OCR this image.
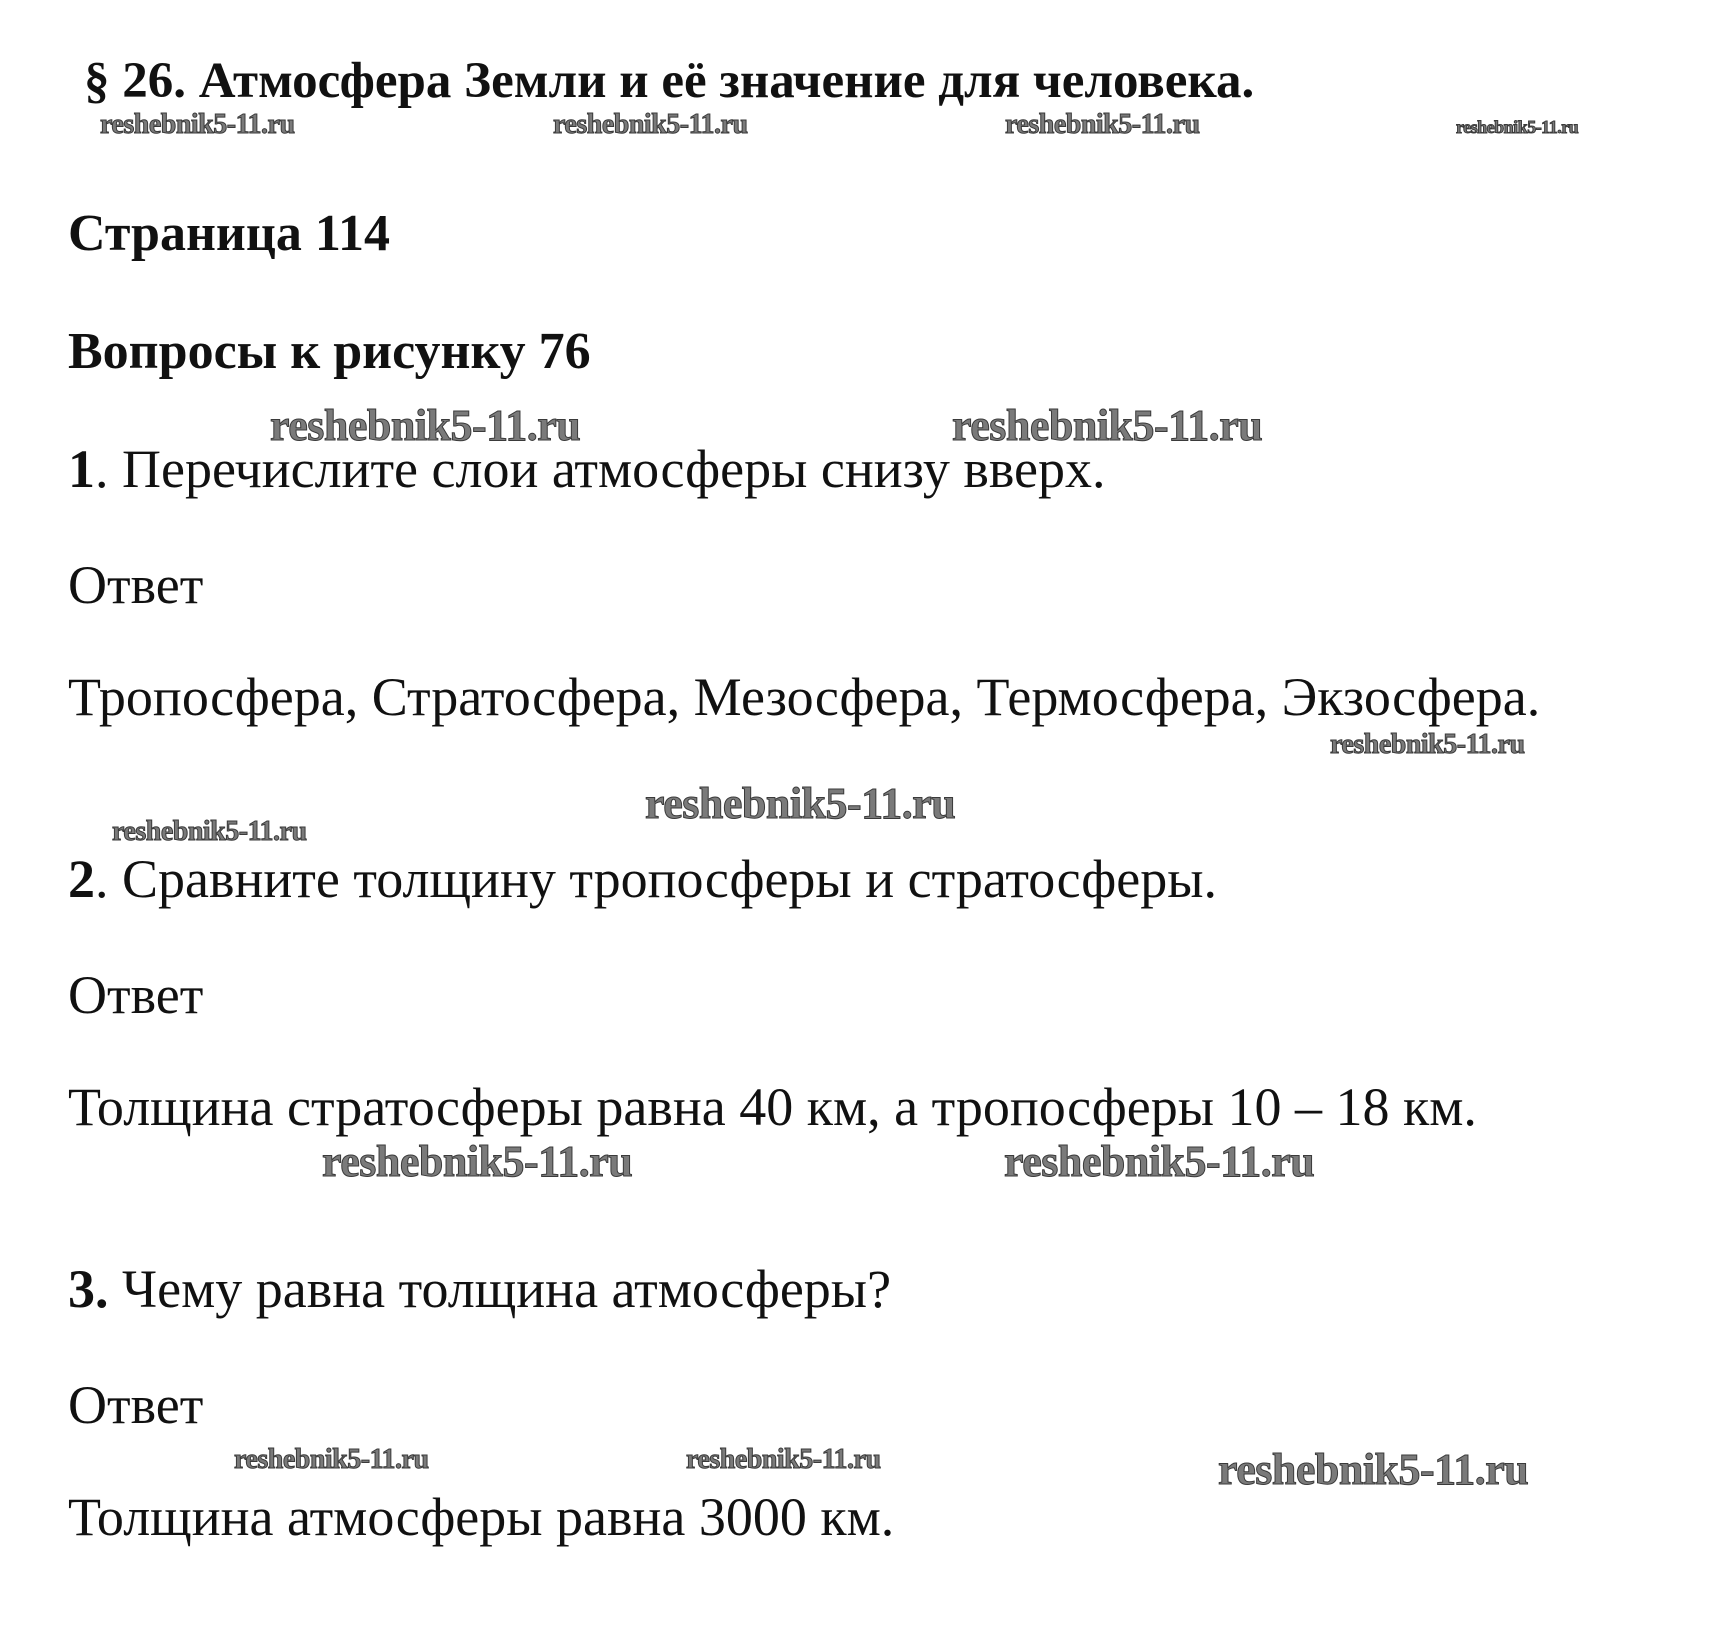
§ 26. Атмосфера Земли и её значение для человека.
reshebnik5-11.ru	reshebnik5-11.ru	reshebnik5-11.ru	reshebnik5-11.ru
Страница 114
Вопросы к рисунку 76
reshebnik5-11.ru	reshebnik5-11.ru
1. Перечислите слои атмосферы снизу вверх.
Ответ
Тропосфера, Стратосфера, Мезосфера, Термосфера, Экзосфера.
reshebnik5-11.ru
reshebnik5-11.ru
reshebnik5-11.ru
2. Сравните толщину тропосферы и стратосферы.
Ответ
Толщина стратосферы равна 40 км, а тропосферы 10 – 18 км.
reshebnik5-11.ru	reshebnik5-11.ru
3. Чему равна толщина атмосферы?
Ответ
reshebnik5-11.ru	reshebnik5-11.ru	reshebnik5-11.ru
Толщина атмосферы равна 3000 км.
